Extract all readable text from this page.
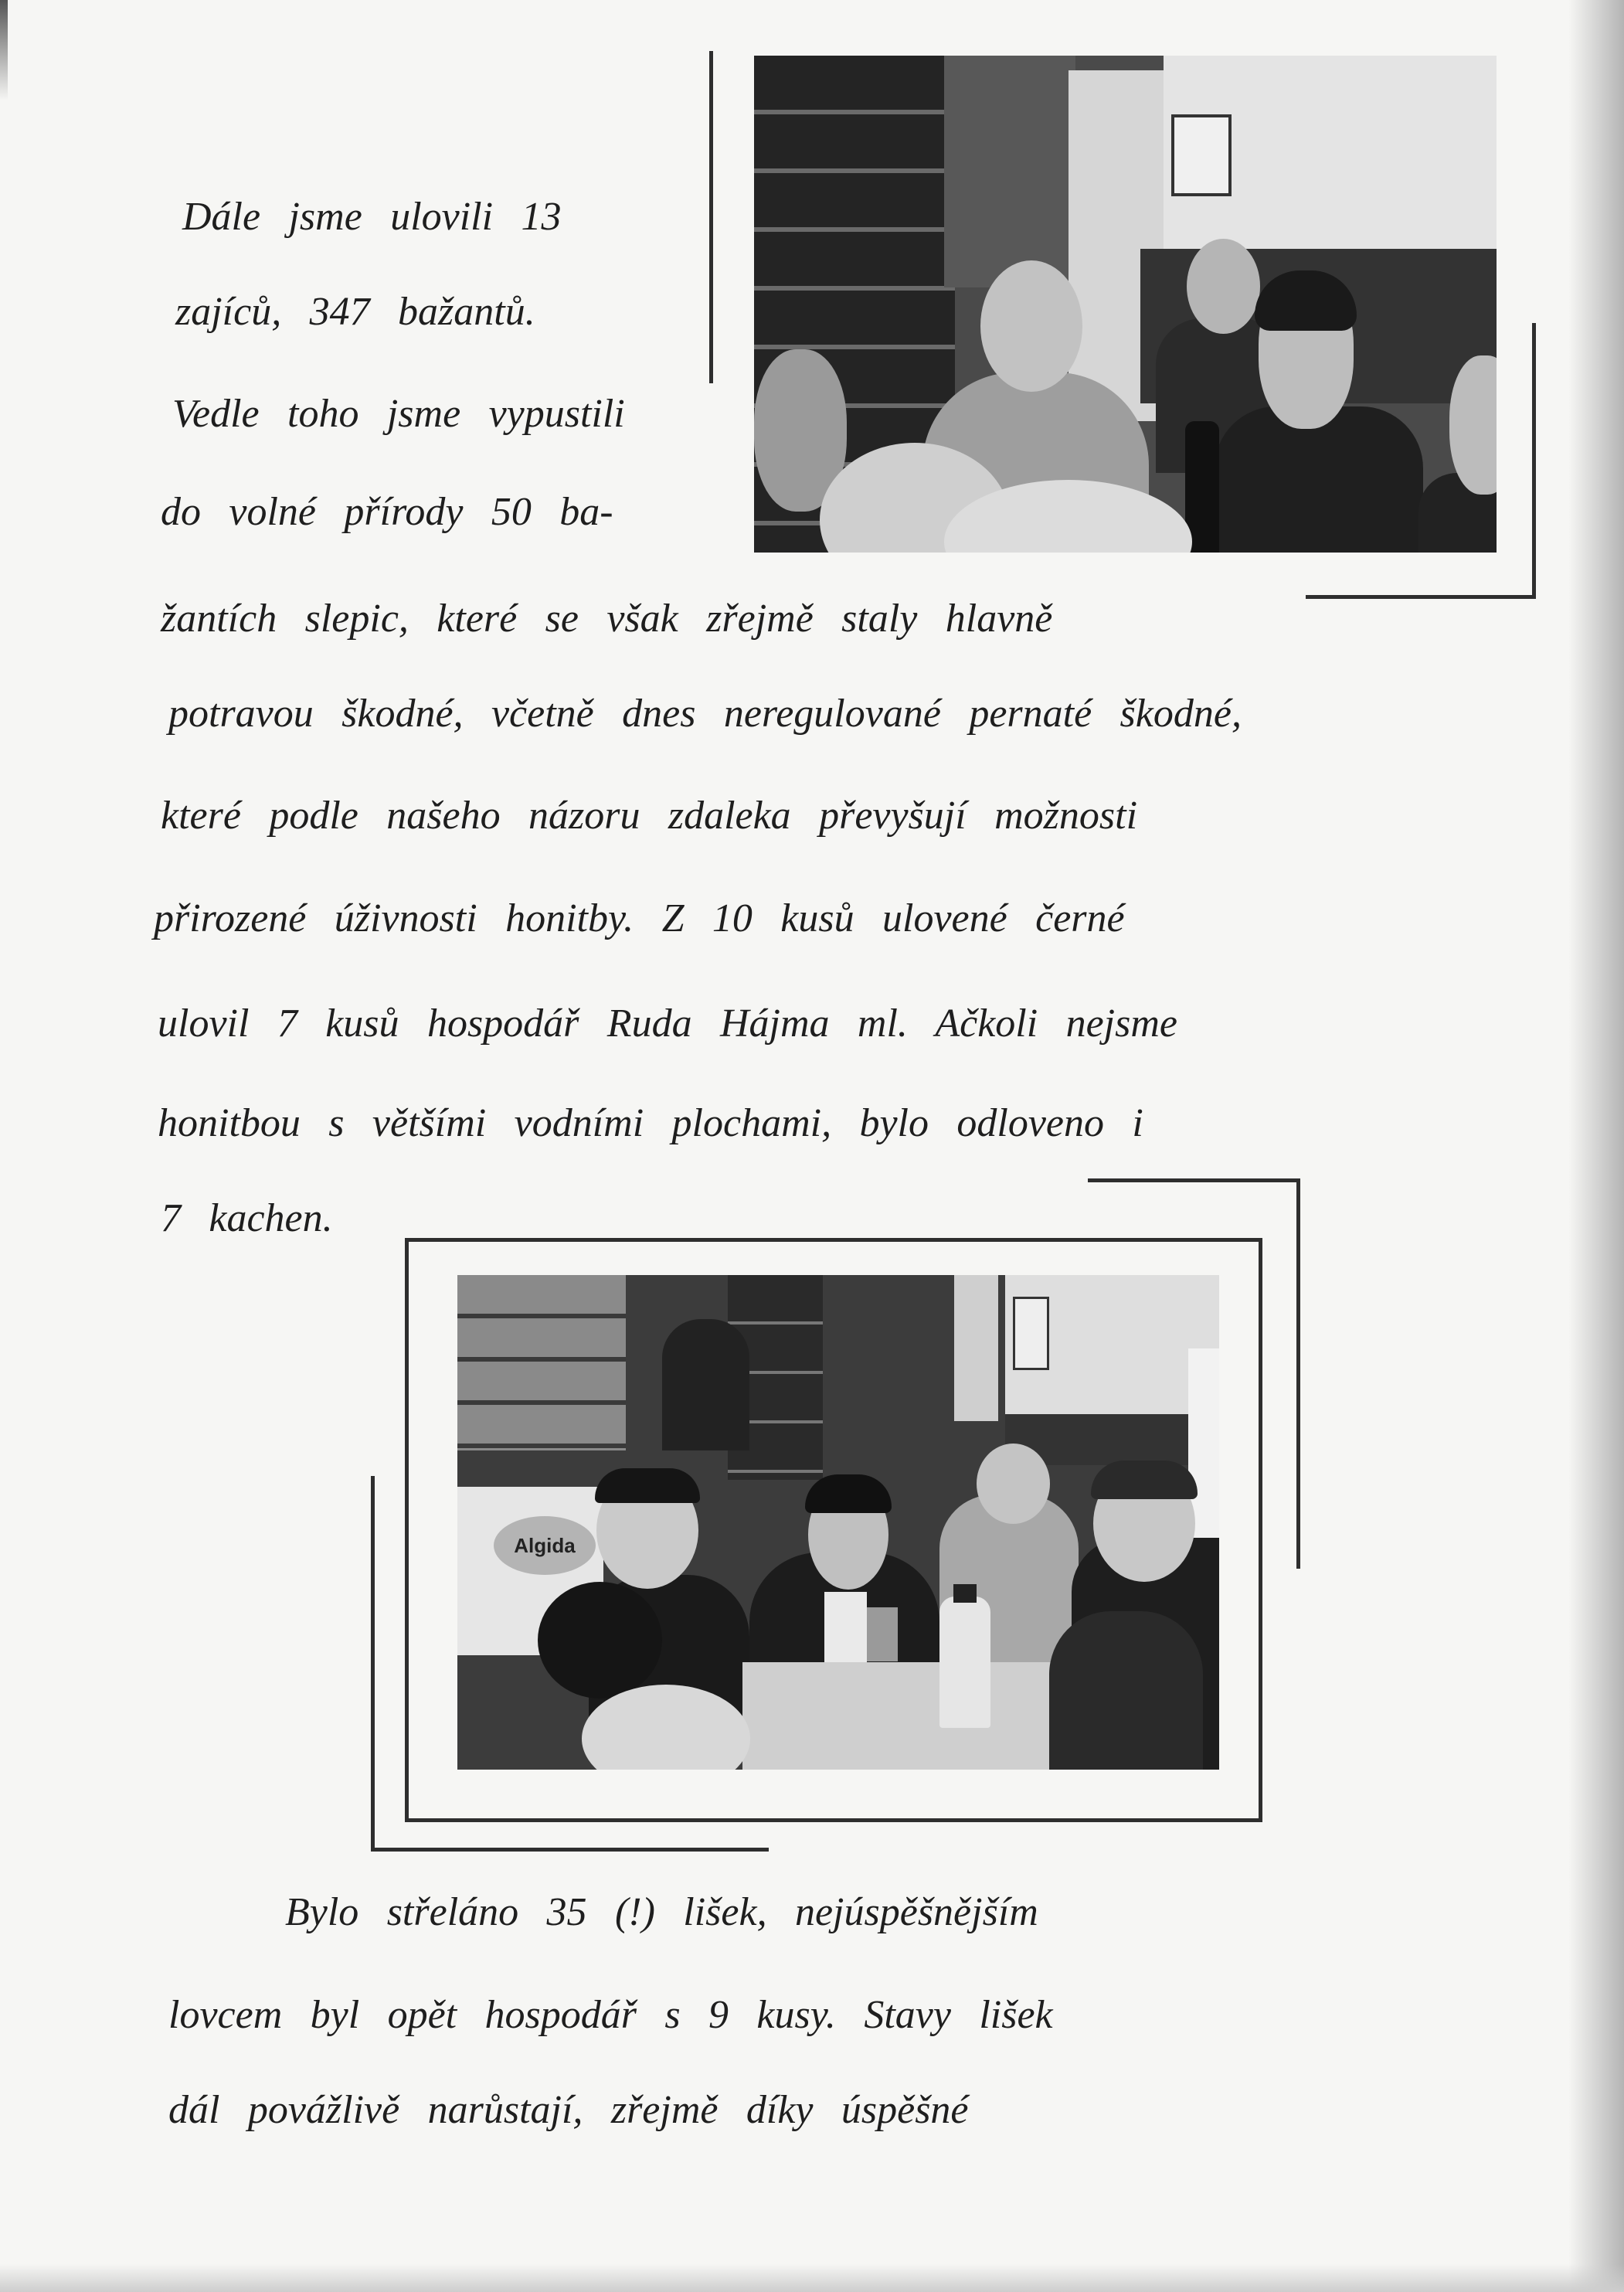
Dále jsme ulovili 13
zajíců, 347 bažantů.
Vedle toho jsme vypustili
do volné přírody 50 ba-
žantích slepic, které se však zřejmě staly hlavně
potravou škodné, včetně dnes neregulované pernaté škodné,
které podle našeho názoru zdaleka převyšují možnosti
přirozené úživnosti honitby. Z 10 kusů ulovené černé
ulovil 7 kusů hospodář Ruda Hájma ml. Ačkoli nejsme
honitbou s většími vodními plochami, bylo odloveno i
7 kachen.
Bylo střeláno 35 (!) lišek, nejúspěšnějším
lovcem byl opět hospodář s 9 kusy. Stavy lišek
dál povážlivě narůstají, zřejmě díky úspěšné
Algida
